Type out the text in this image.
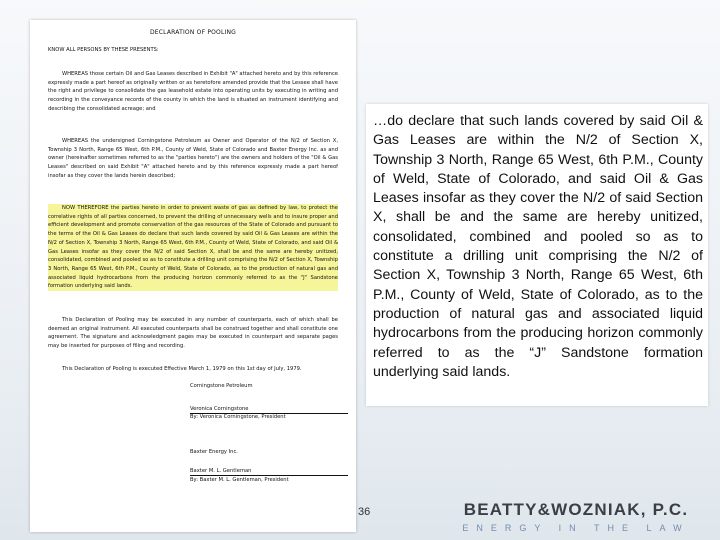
DECLARATION OF POOLING

KNOW ALL PERSONS BY THESE PRESENTS:

WHEREAS those certain Oil and Gas Leases described in Exhibit "A" attached hereto and by this reference expressly made a part hereof as originally written or as heretofore amended provide that the Lessee shall have the right and privilege to consolidate the gas leasehold estate into operating units by executing in writing and recording in the conveyance records of the county in which the land is situated an instrument identifying and describing the consolidated acreage; and

WHEREAS the undersigned Corningstone Petroleum as Owner and Operator of the N/2 of Section X, Township 3 North, Range 65 West, 6th P.M., County of Weld, State of Colorado and Baxter Energy Inc. as and owner (hereinafter sometimes referred to as the "parties hereto") are the owners and holders of the "Oil & Gas Leases" described on said Exhibit "A" attached hereto and by this reference expressly made a part hereof insofar as they cover the lands herein described;

NOW THEREFORE the parties hereto in order to prevent waste of gas as defined by law, to protect the correlative rights of all parties concerned, to prevent the drilling of unnecessary wells and to insure proper and efficient development and promote conservation of the gas resources of the State of Colorado and pursuant to the terms of the Oil & Gas Leases do declare that such lands covered by said Oil & Gas Leases are within the N/2 of Section X, Township 3 North, Range 65 West, 6th P.M., County of Weld, State of Colorado, and said Oil & Gas Leases insofar as they cover the N/2 of said Section X, shall be and the same are hereby unitized, consolidated, combined and pooled so as to constitute a drilling unit comprising the N/2 of Section X, Township 3 North, Range 65 West, 6th P.M., County of Weld, State of Colorado, as to the production of natural gas and associated liquid hydrocarbons from the producing horizon commonly referred to as the "J" Sandstone formation underlying said lands.

This Declaration of Pooling may be executed in any number of counterparts, each of which shall be deemed an original instrument. All executed counterparts shall be construed together and shall constitute one agreement. The signature and acknowledgment pages may be executed in counterpart and separate pages may be inserted for purposes of filing and recording.

This Declaration of Pooling is executed Effective March 1, 1979 on this 1st day of July, 1979.

Corningstone Petroleum
Veronica Corningstone
By: Veronica Corningstone, President
Baxter Energy Inc.
Baxter M. L. Gentleman
By: Baxter M. L. Gentleman, President

…do declare that such lands covered by said Oil & Gas Leases are within the N/2 of Section X, Township 3 North, Range 65 West, 6th P.M., County of Weld, State of Colorado, and said Oil & Gas Leases insofar as they cover the N/2 of said Section X, shall be and the same are hereby unitized, consolidated, combined and pooled so as to constitute a drilling unit comprising the N/2 of Section X, Township 3 North, Range 65 West, 6th P.M., County of Weld, State of Colorado, as to the production of natural gas and associated liquid hydrocarbons from the producing horizon commonly referred to as the “J” Sandstone formation underlying said lands.

36	BEATTY&WOZNIAK, P.C.
ENERGY IN THE LAW
